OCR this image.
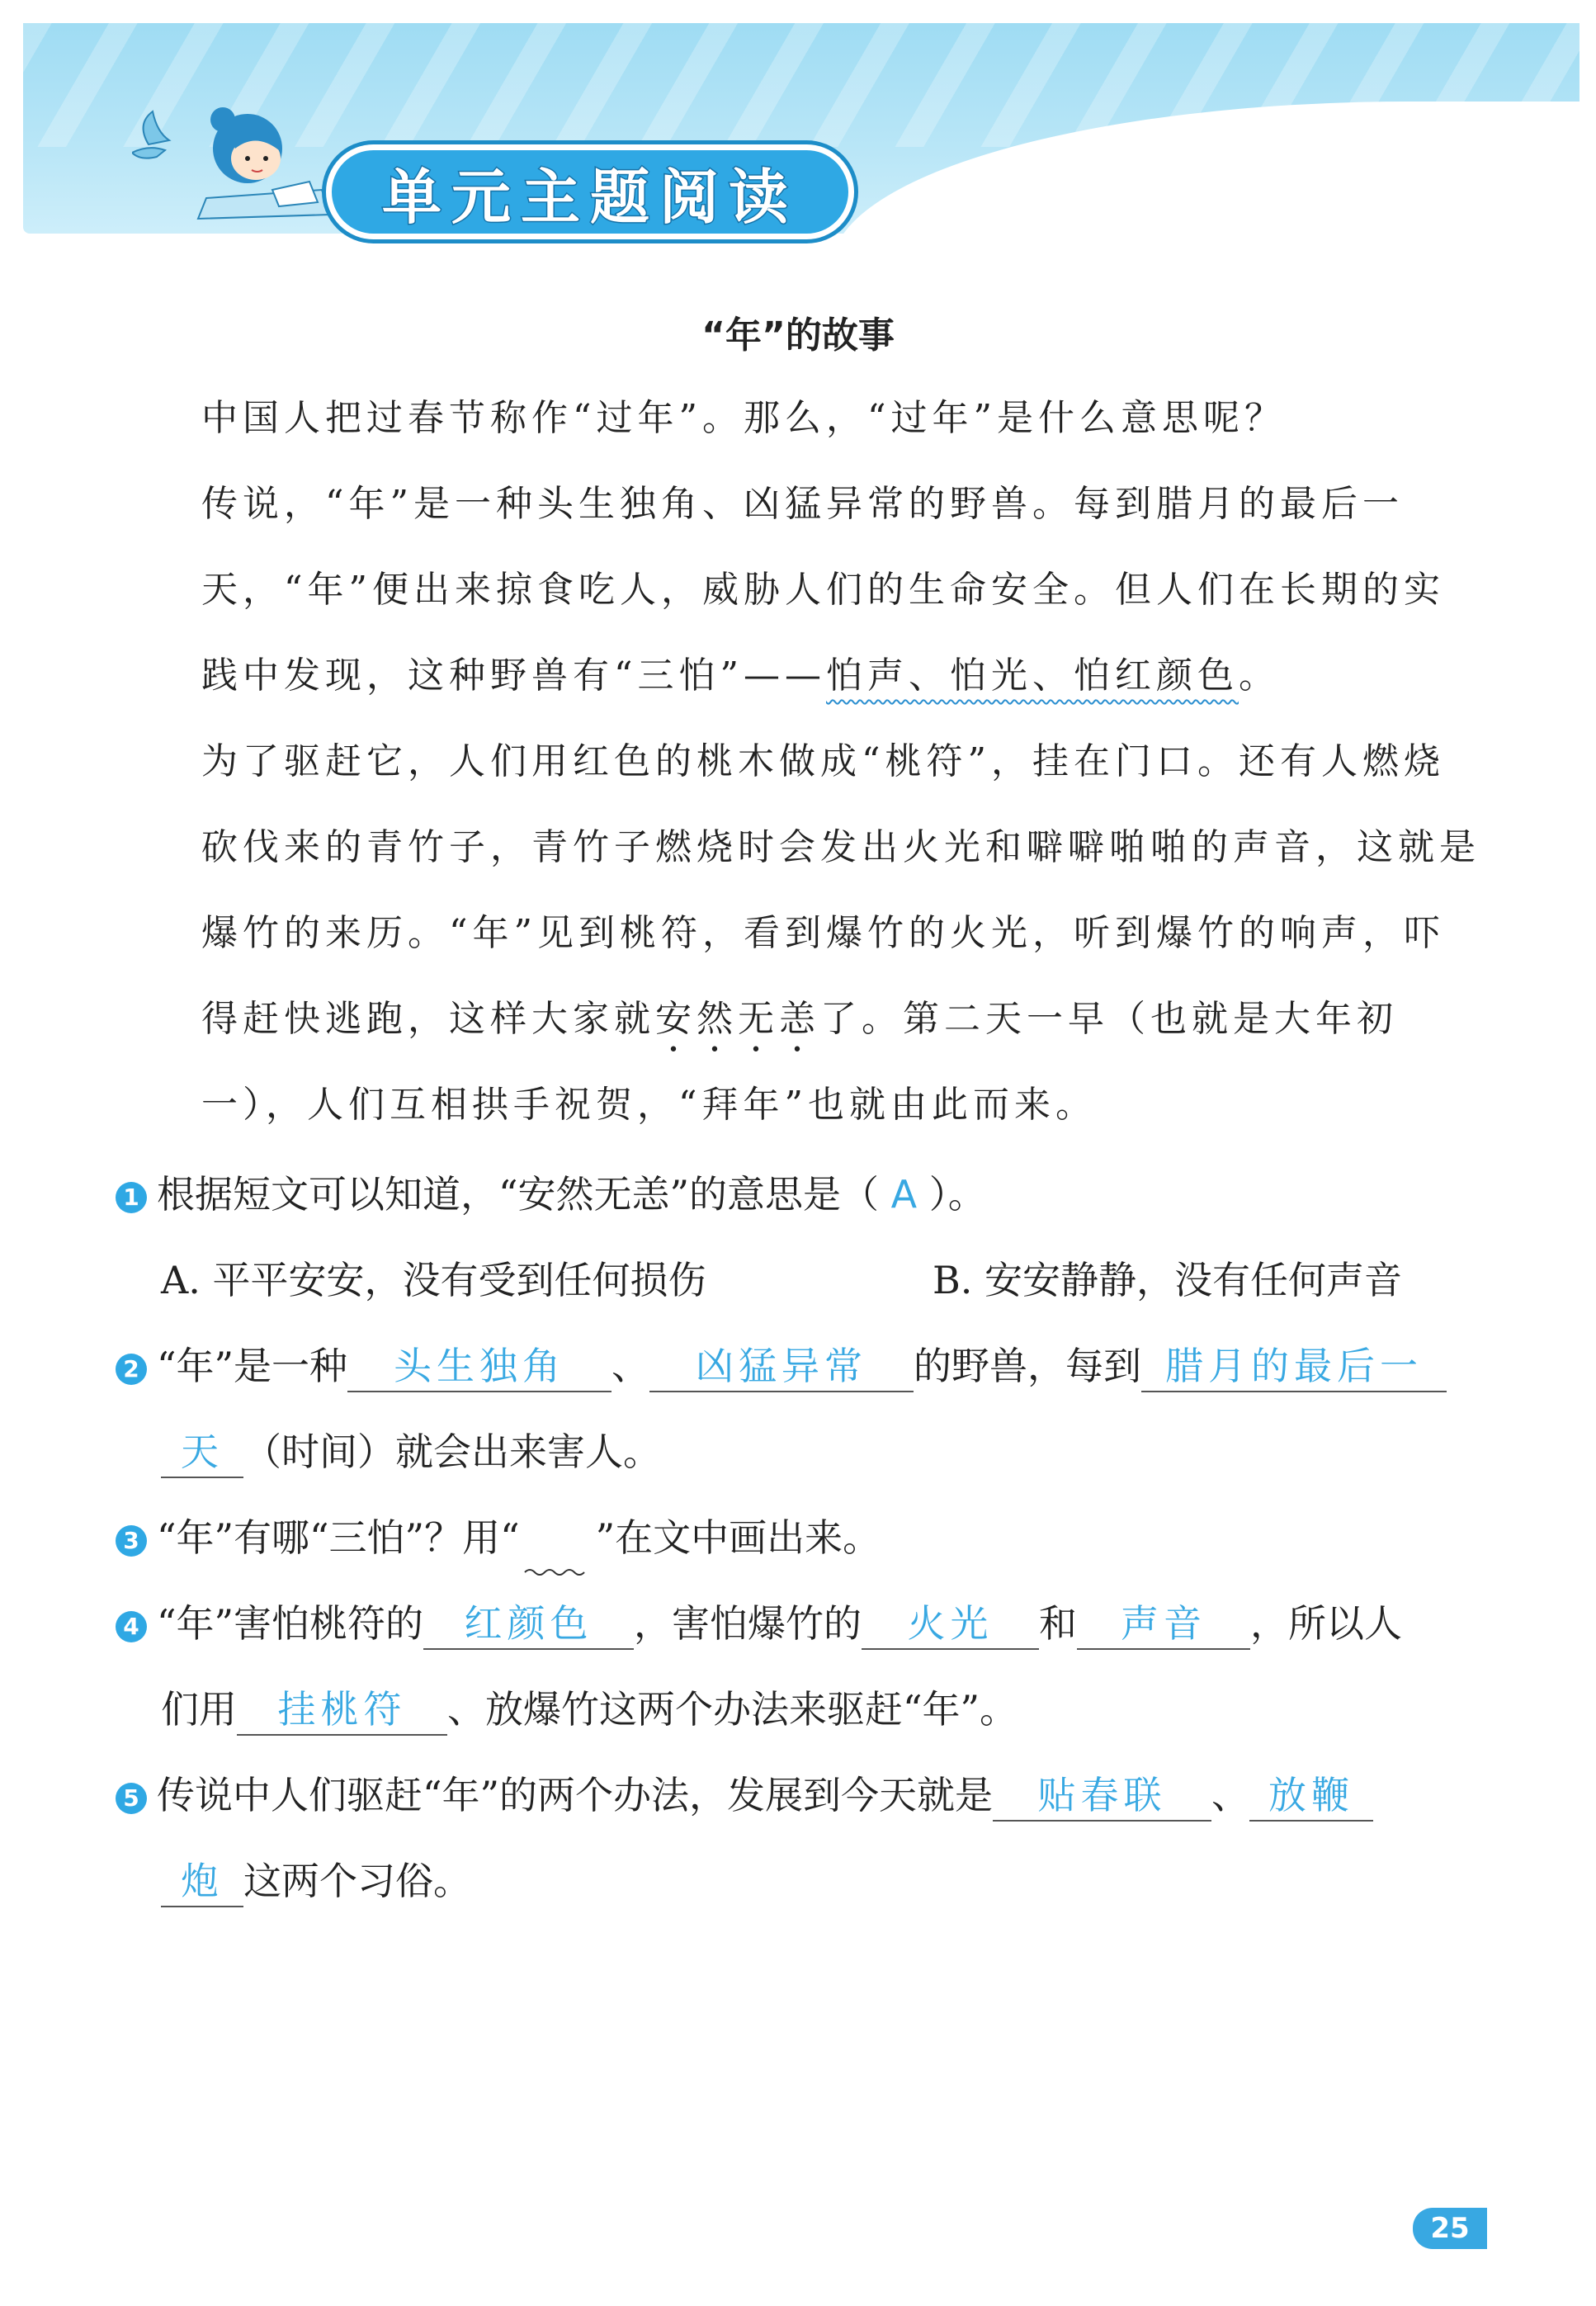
单元主题阅读
“年”的故事
中国人把过春节称作“过年”。那么，“过年”是什么意思呢？
传说，“年”是一种头生独角、凶猛异常的野兽。每到腊月的最后一天，“年”便出来掠食吃人，威胁人们的生命安全。但人们在长期的实践中发现，这种野兽有“三怕”——怕声、怕光、怕红颜色。
为了驱赶它，人们用红色的桃木做成“桃符”，挂在门口。还有人燃烧砍伐来的青竹子，青竹子燃烧时会发出火光和噼噼啪啪的声音，这就是爆竹的来历。“年”见到桃符，看到爆竹的火光，听到爆竹的响声，吓得赶快逃跑，这样大家就安然无恙了。第二天一早（也就是大年初一），人们互相拱手祝贺，“拜年”也就由此而来。
1 根据短文可以知道，“安然无恙”的意思是（ A ）。
A. 平平安安，没有受到任何损伤	B. 安安静静，没有任何声音
2 “年”是一种 头生独角 、 凶猛异常 的野兽，每到 腊月的最后一
天 （时间）就会出来害人。
3 “年”有哪“三怕”？用“ ”在文中画出来。
4 “年”害怕桃符的 红颜色 ，害怕爆竹的 火光 和 声音 ，所以人
们用 挂桃符 、放爆竹这两个办法来驱赶“年”。
5 传说中人们驱赶“年”的两个办法，发展到今天就是 贴春联 、 放鞭
炮 这两个习俗。
25
